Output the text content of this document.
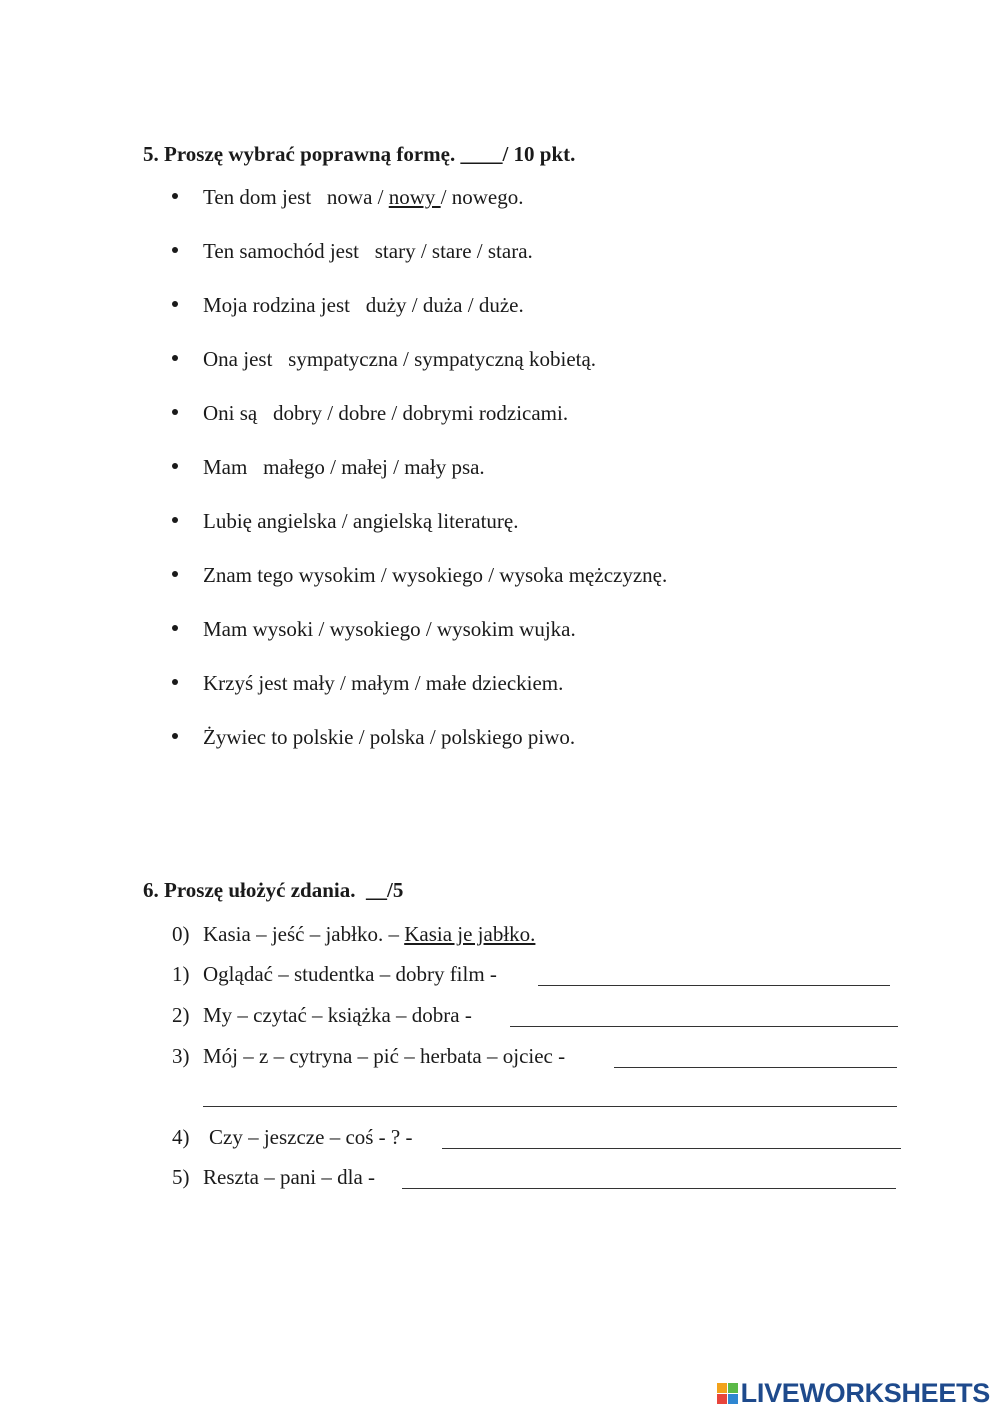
5. Proszę wybrać poprawną formę. ____/ 10 pkt.

Ten dom jest   nowa / nowy / nowego.

Ten samochód jest   stary / stare / stara.

Moja rodzina jest   duży / duża / duże.

Ona jest   sympatyczna / sympatyczną kobietą.

Oni są   dobry / dobre / dobrymi rodzicami.

Mam   małego / małej / mały psa.

Lubię angielska / angielską literaturę.

Znam tego wysokim / wysokiego / wysoka mężczyznę.

Mam wysoki / wysokiego / wysokim wujka.

Krzyś jest mały / małym / małe dzieckiem.

Żywiec to polskie / polska / polskiego piwo.

6. Proszę ułożyć zdania.  __/5

0)

Kasia – jeść – jabłko. – Kasia je jabłko.

1)

Oglądać – studentka – dobry film -

2)

My – czytać – książka – dobra -

3)

Mój – z – cytryna – pić – herbata – ojciec -

4)

Czy – jeszcze – coś - ? -

5)

Reszta – pani – dla -

LIVEWORKSHEETS
